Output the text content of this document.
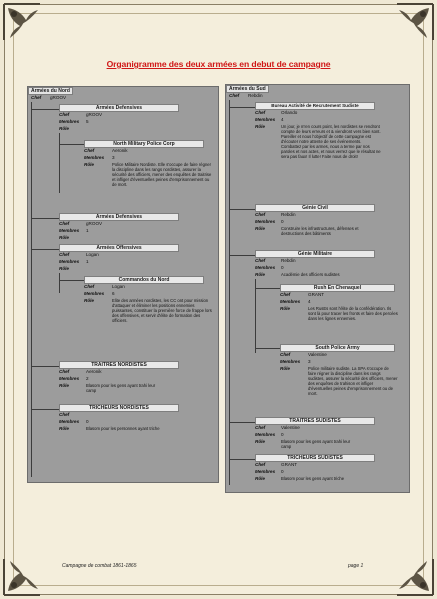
Organigramme des deux armées en debut de campagne
Armées du Nord
Chef gROOV
Armées Defensives
Chef	gROOV
Membres 5
Rôle
North Military Police Corp
Chef	Aeronik
Membres 3
Rôle	Police Militaire Nordiste. Elle s'occupe de faire régner la discipline dans les rangs nordistes, assurer la sécurité des officiers, mener des enquêtes de traitrise et infliger d'éventuelles peines d'emprisonnement ou de mort.
Armées Defensives
Chef	gROOV
Membres 1
Rôle
Armées Offensives
Chef	Logan
Membres 1
Rôle
Commandos du Nord
Chef	Logan
Membres 6
Rôle	Elite des armées nordistes, les CC ont pour mission d'attaquer et éliminer les positions ennemies puissantes, constituer la première force de frappe lors des offensives, et servir d'élite de formation des officiers.
TRAITRES NORDISTES
Chef	Aeronik
Membres 2
Rôle	Blasom pour les gens ayant trahi leur camp
TRICHEURS NORDISTES
Chef
Membres 0
Rôle	Blasom pour les personnes ayant triche
Armées du Sud
Chef Rebdin
Bureau Activité de Recrutement Sudiste
Chef	Orlando
Membres 4
Rôle	Un jour, je m'en cours point, les nordistes se rendront compte de leurs erreurs et & viendront vers bien sont. Pareiller et nous l'objectif de cette campagne est d'écouter notre attente de ses événements. Combattez par les armes, nous a terme par nos paroles et nos actes, et nous verrez que le résultat ne sera pas faux! Il lutte! Faite nous de droit!
Génie Civil
Chef	Rebdin
Membres 0
Rôle	Construire les infrastructures, défenses et destructions des bâtiments
Génie Militaire
Chef	Rebdin
Membres 0
Rôle	Académie des officiers sudistes
Rush En Chenaquel
Chef	GRANT
Membres 4
Rôle	Les RusEs sont l'élite de la confédération. Ils sont là pour tracer les fronts et faire des percées dans les lignes ennemies.
South Police Army
Chef	Valentine
Membres 3
Rôle	Police militaire sudiste. La SPA s'occupe de faire régner la discipline dans les rangs sudistes, assurer la sécurité des officiers, mener des enquêtes de trahison et infliger d'éventuelles peines d'emprisonnement ou de mort.
TRAITRES SUDISTES
Chef	Valentine
Membres 0
Rôle	Blasom pour les gens ayant trahi leur camp
TRICHEURS SUDISTES
Chef	GRANT
Membres 0
Rôle	Blasom pour les gens ayant triche
Campagne de combat 1861-1865	page 1
